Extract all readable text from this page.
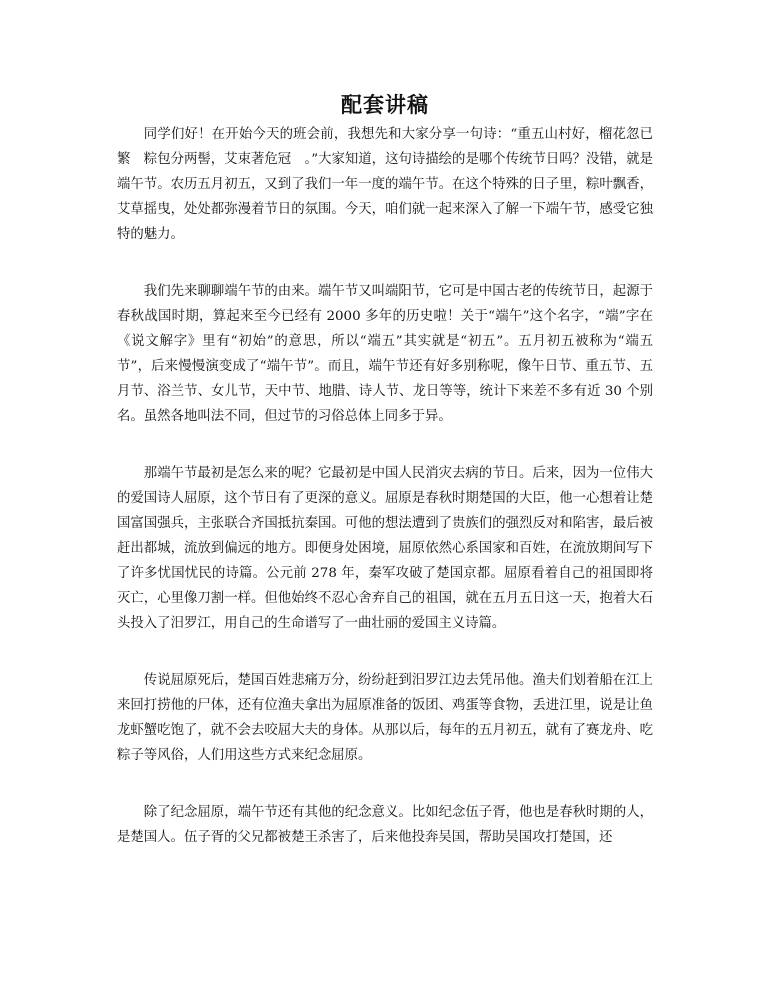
配套讲稿

同学们好！在开始今天的班会前，我想先和大家分享一句诗：“重五山村好，榴花忽已繁　粽包分两髻，艾束著危冠　。”大家知道，这句诗描绘的是哪个传统节日吗？没错，就是端午节。农历五月初五，又到了我们一年一度的端午节。在这个特殊的日子里，粽叶飘香，艾草摇曳，处处都弥漫着节日的氛围。今天，咱们就一起来深入了解一下端午节，感受它独特的魅力。

我们先来聊聊端午节的由来。端午节又叫端阳节，它可是中国古老的传统节日，起源于春秋战国时期，算起来至今已经有 2000 多年的历史啦！关于“端午”这个名字，“端”字在《说文解字》里有“初始”的意思，所以“端五”其实就是“初五”。五月初五被称为“端五节”，后来慢慢演变成了“端午节”。而且，端午节还有好多别称呢，像午日节、重五节、五月节、浴兰节、女儿节，天中节、地腊、诗人节、龙日等等，统计下来差不多有近 30 个别名。虽然各地叫法不同，但过节的习俗总体上同多于异。

那端午节最初是怎么来的呢？它最初是中国人民消灾去病的节日。后来，因为一位伟大的爱国诗人屈原，这个节日有了更深的意义。屈原是春秋时期楚国的大臣，他一心想着让楚国富国强兵，主张联合齐国抵抗秦国。可他的想法遭到了贵族们的强烈反对和陷害，最后被赶出都城，流放到偏远的地方。即便身处困境，屈原依然心系国家和百姓，在流放期间写下了许多忧国忧民的诗篇。公元前 278 年，秦军攻破了楚国京都。屈原看着自己的祖国即将灭亡，心里像刀割一样。但他始终不忍心舍弃自己的祖国，就在五月五日这一天，抱着大石头投入了汨罗江，用自己的生命谱写了一曲壮丽的爱国主义诗篇。

传说屈原死后，楚国百姓悲痛万分，纷纷赶到汨罗江边去凭吊他。渔夫们划着船在江上来回打捞他的尸体，还有位渔夫拿出为屈原准备的饭团、鸡蛋等食物，丢进江里，说是让鱼龙虾蟹吃饱了，就不会去咬屈大夫的身体。从那以后，每年的五月初五，就有了赛龙舟、吃粽子等风俗，人们用这些方式来纪念屈原。

除了纪念屈原，端午节还有其他的纪念意义。比如纪念伍子胥，他也是春秋时期的人，是楚国人。伍子胥的父兄都被楚王杀害了，后来他投奔吴国，帮助吴国攻打楚国，还
